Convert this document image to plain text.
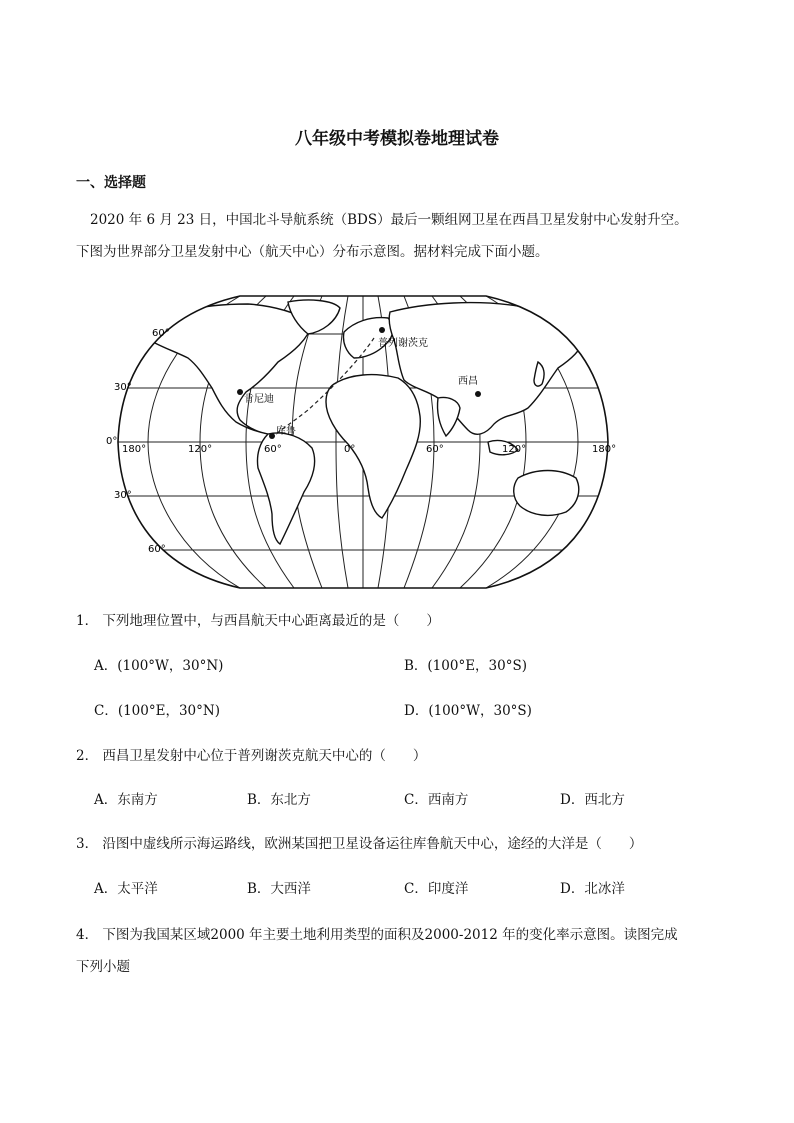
八年级中考模拟卷地理试卷
一、选择题
2020 年 6 月 23 日，中国北斗导航系统（BDS）最后一颗组网卫星在西昌卫星发射中心发射升空。
下图为世界部分卫星发射中心（航天中心）分布示意图。据材料完成下面小题。
60°
30°
0°
30°
60°
180°	120°	60°	0°	60°	120°	180°
普列谢茨克
西昌
肯尼迪
库鲁
1． 下列地理位置中，与西昌航天中心距离最近的是（　　）
A．(100°W，30°N)	B．(100°E，30°S)
C．(100°E，30°N)	D．(100°W，30°S)
2． 西昌卫星发射中心位于普列谢茨克航天中心的（　　）
A．东南方	B．东北方	C．西南方	D．西北方
3． 沿图中虚线所示海运路线，欧洲某国把卫星设备运往库鲁航天中心，途经的大洋是（　　）
A．太平洋	B．大西洋	C．印度洋	D．北冰洋
4． 下图为我国某区域2000 年主要土地利用类型的面积及2000-2012 年的变化率示意图。读图完成
下列小题
